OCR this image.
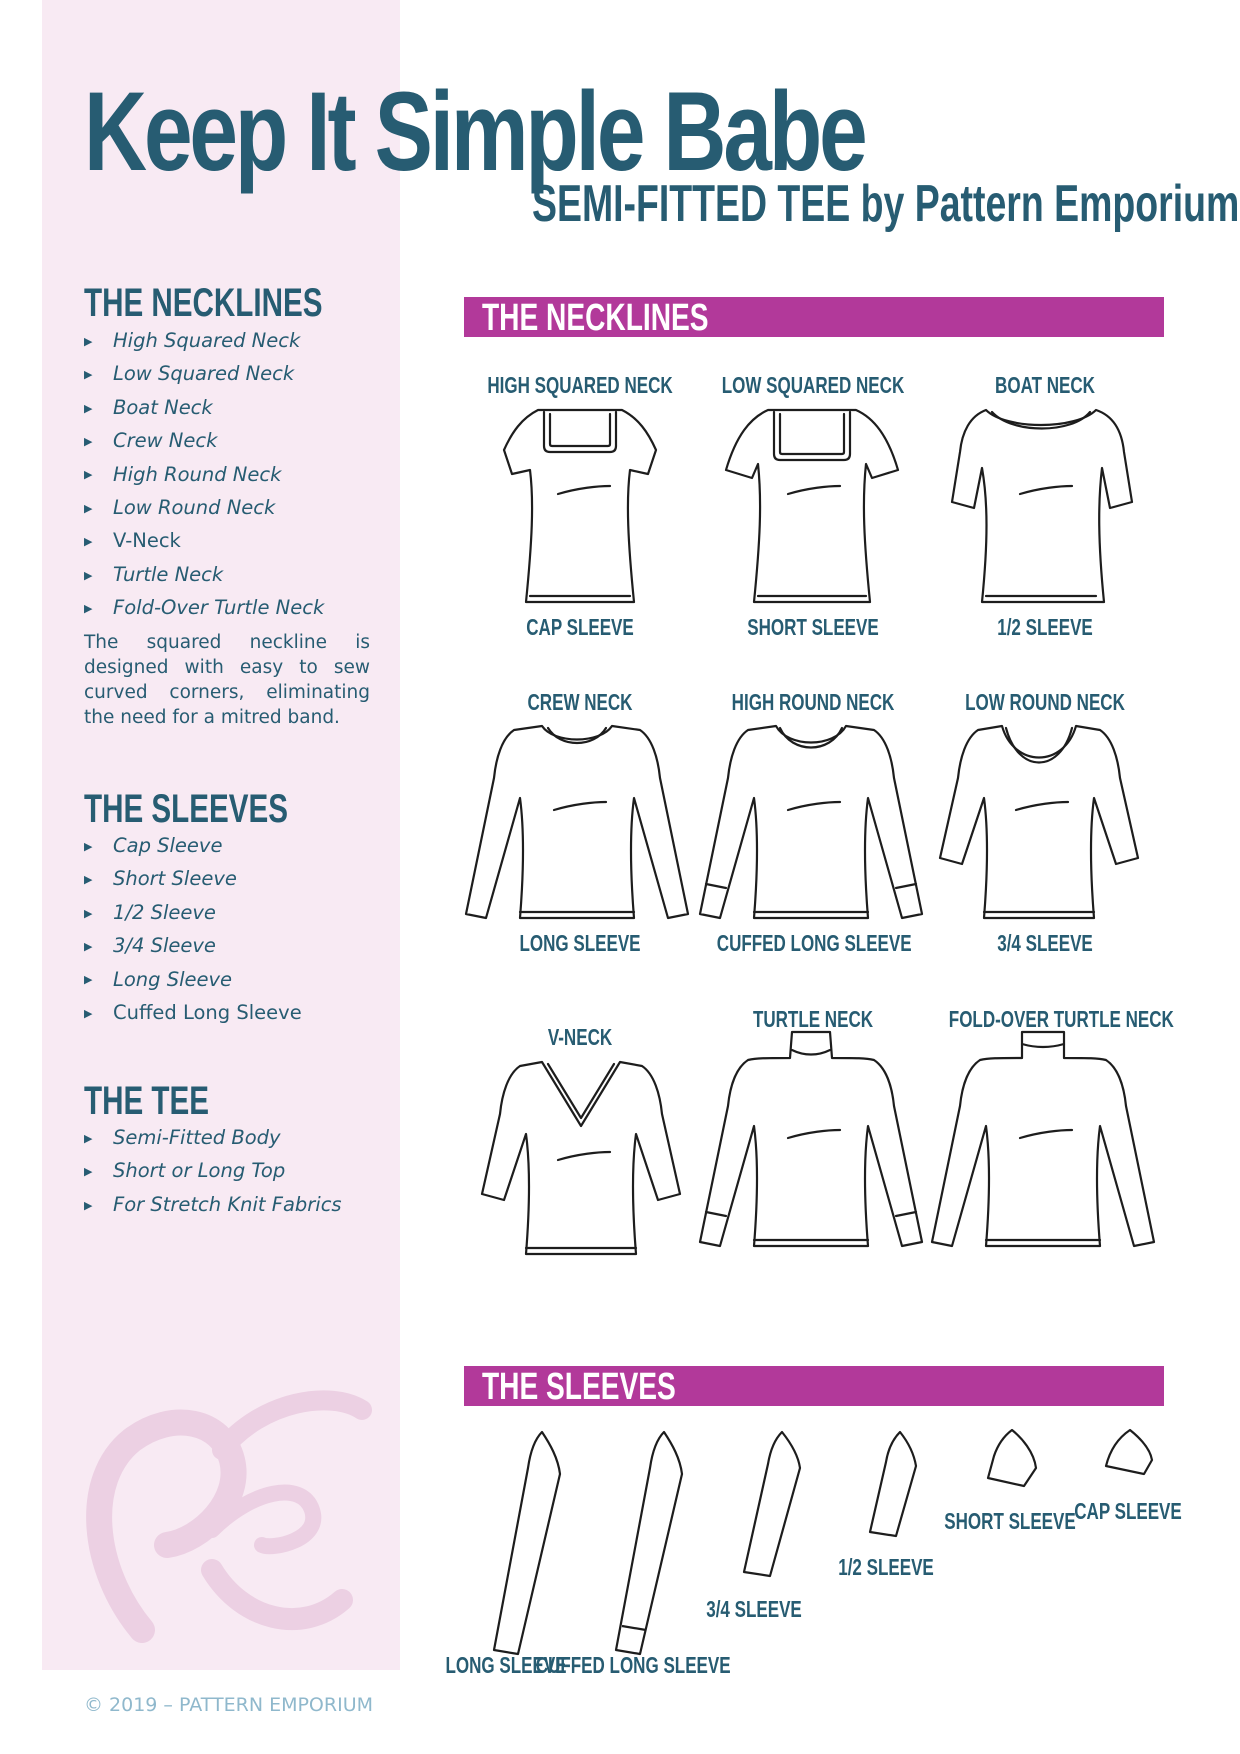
Keep It Simple Babe
SEMI-FITTED TEE by Pattern Emporium
THE NECKLINES
▶ High Squared Neck
▶ Low Squared Neck
▶ Boat Neck
▶ Crew Neck
▶ High Round Neck
▶ Low Round Neck
▶ V-Neck
▶ Turtle Neck
▶ Fold-Over Turtle Neck
The squared neckline is designed with easy to sew curved corners, eliminating the need for a mitred band.
THE SLEEVES
▶ Cap Sleeve
▶ Short Sleeve
▶ 1/2 Sleeve
▶ 3/4 Sleeve
▶ Long Sleeve
▶ Cuffed Long Sleeve
THE TEE
▶ Semi-Fitted Body
▶ Short or Long Top
▶ For Stretch Knit Fabrics
© 2019 – PATTERN EMPORIUM
THE NECKLINES
HIGH SQUARED NECK LOW SQUARED NECK	BOAT NECK
CAP SLEEVE	SHORT SLEEVE	1/2 SLEEVE
CREW NECK	HIGH ROUND NECK	LOW ROUND NECK
LONG SLEEVE	CUFFED LONG SLEEVE	3/4 SLEEVE
V-NECK
TURTLE NECK	FOLD-OVER TURTLE NECK
THE SLEEVES
LONG SLEEVE
CUFFED LONG SLEEVE
3/4 SLEEVE
1/2 SLEEVE
SHORT SLEEVE
CAP SLEEVE
